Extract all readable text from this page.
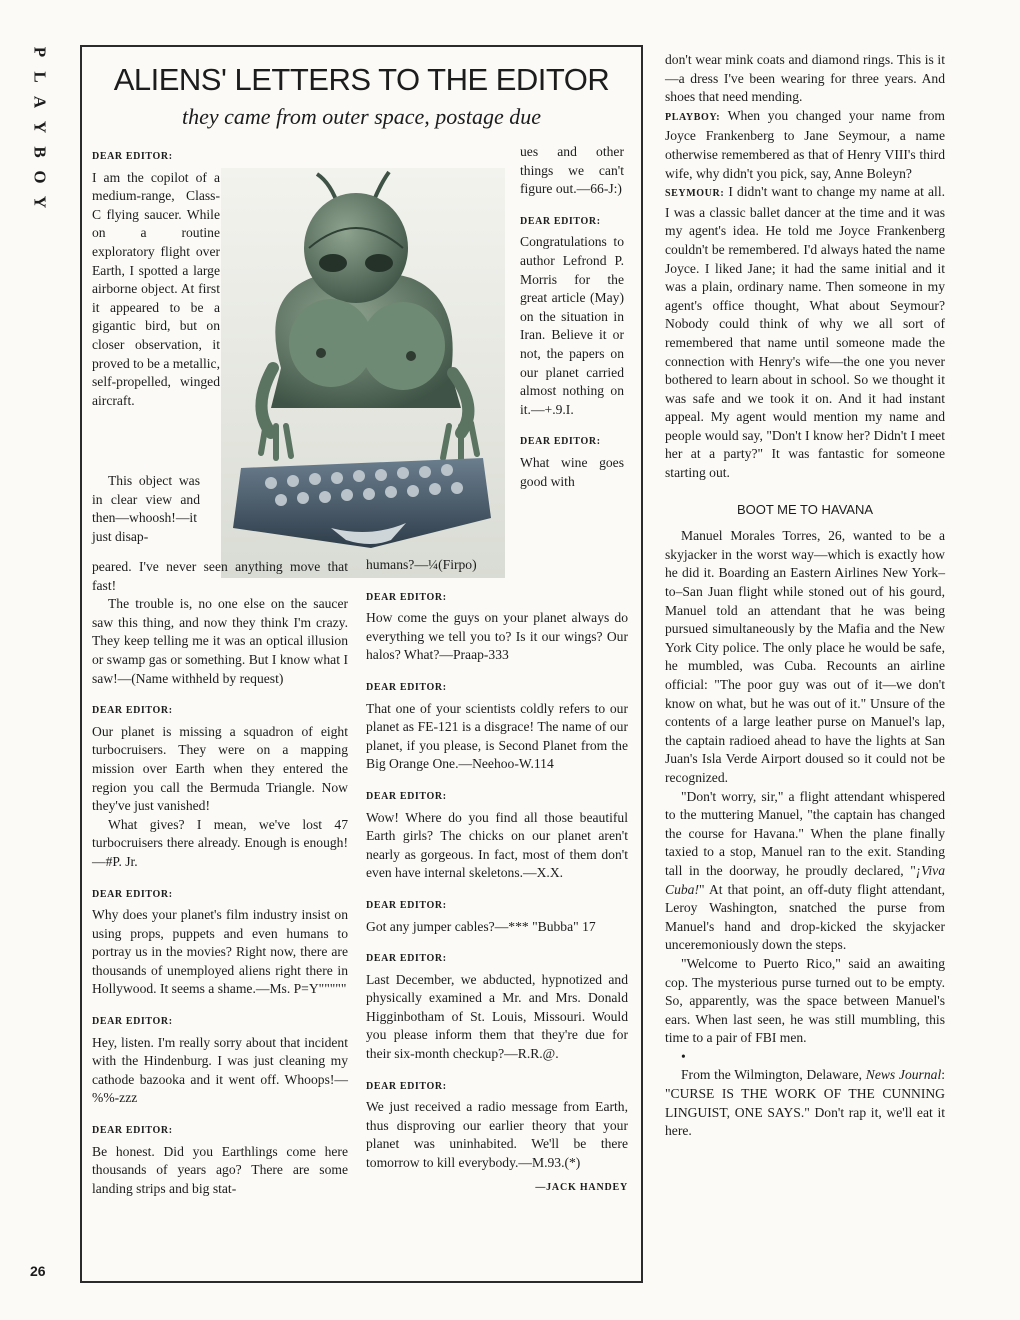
P
L
A
Y
B
O
Y
26
ALIENS' LETTERS TO THE EDITOR
they came from outer space, postage due
DEAR EDITOR:

I am the copilot of a medium-range, Class-C flying saucer. While on a routine exploratory flight over Earth, I spotted a large airborne object. At first it appeared to be a gigantic bird, but on closer observation, it proved to be a metallic, self-propelled, winged aircraft.

This object was in clear view and then—whoosh!—it just disap-

peared. I've never seen anything move that fast!

The trouble is, no one else on the saucer saw this thing, and now they think I'm crazy. They keep telling me it was an optical illusion or swamp gas or something. But I know what I saw!—(Name withheld by request)

DEAR EDITOR:

Our planet is missing a squadron of eight turbocruisers. They were on a mapping mission over Earth when they entered the region you call the Bermuda Triangle. Now they've just vanished!

What gives? I mean, we've lost 47 turbocruisers there already. Enough is enough!—#P. Jr.

DEAR EDITOR:

Why does your planet's film industry insist on using props, puppets and even humans to portray us in the movies? Right now, there are thousands of unemployed aliens right there in Hollywood. It seems a shame.—Ms. P=Y"""""

DEAR EDITOR:

Hey, listen. I'm really sorry about that incident with the Hindenburg. I was just cleaning my cathode bazooka and it went off. Whoops!—%%-zzz

DEAR EDITOR:

Be honest. Did you Earthlings come here thousands of years ago? There are some landing strips and big stat-

ues and other things we can't figure out.—66-J:)

DEAR EDITOR:

Congratulations to author Lefrond P. Morris for the great article (May) on the situation in Iran. Believe it or not, the papers on our planet carried almost nothing on it.—+.9.I.

DEAR EDITOR:

What wine goes good with

humans?—¼(Firpo)

DEAR EDITOR:

How come the guys on your planet always do everything we tell you to? Is it our wings? Our halos? What?—Praap-333

DEAR EDITOR:

That one of your scientists coldly refers to our planet as FE-121 is a disgrace! The name of our planet, if you please, is Second Planet from the Big Orange One.—Neehoo-W.114

DEAR EDITOR:

Wow! Where do you find all those beautiful Earth girls? The chicks on our planet aren't nearly as gorgeous. In fact, most of them don't even have internal skeletons.—X.X.

DEAR EDITOR:

Got any jumper cables?—*** "Bubba" 17

DEAR EDITOR:

Last December, we abducted, hypnotized and physically examined a Mr. and Mrs. Donald Higginbotham of St. Louis, Missouri. Would you please inform them that they're due for their six-month checkup?—R.R.@.

DEAR EDITOR:

We just received a radio message from Earth, thus disproving our earlier theory that your planet was uninhabited. We'll be there tomorrow to kill everybody.—M.93.(*)

—JACK HANDEY

don't wear mink coats and diamond rings. This is it—a dress I've been wearing for three years. And shoes that need mending.

PLAYBOY: When you changed your name from Joyce Frankenberg to Jane Seymour, a name otherwise remembered as that of Henry VIII's third wife, why didn't you pick, say, Anne Boleyn?

SEYMOUR: I didn't want to change my name at all. I was a classic ballet dancer at the time and it was my agent's idea. He told me Joyce Frankenberg couldn't be remembered. I'd always hated the name Joyce. I liked Jane; it had the same initial and it was a plain, ordinary name. Then someone in my agent's office thought, What about Seymour? Nobody could think of why we all sort of remembered that name until someone made the connection with Henry's wife—the one you never bothered to learn about in school. So we thought it was safe and we took it on. And it had instant appeal. My agent would mention my name and people would say, "Don't I know her? Didn't I meet her at a party?" It was fantastic for someone starting out.

BOOT ME TO HAVANA

Manuel Morales Torres, 26, wanted to be a skyjacker in the worst way—which is exactly how he did it. Boarding an Eastern Airlines New York–to–San Juan flight while stoned out of his gourd, Manuel told an attendant that he was being pursued simultaneously by the Mafia and the New York City police. The only place he would be safe, he mumbled, was Cuba. Recounts an airline official: "The poor guy was out of it—we don't know on what, but he was out of it." Unsure of the contents of a large leather purse on Manuel's lap, the captain radioed ahead to have the lights at San Juan's Isla Verde Airport doused so it could not be recognized.

"Don't worry, sir," a flight attendant whispered to the muttering Manuel, "the captain has changed the course for Havana." When the plane finally taxied to a stop, Manuel ran to the exit. Standing tall in the doorway, he proudly declared, "¡Viva Cuba!" At that point, an off-duty flight attendant, Leroy Washington, snatched the purse from Manuel's hand and drop-kicked the skyjacker unceremoniously down the steps.

"Welcome to Puerto Rico," said an awaiting cop. The mysterious purse turned out to be empty. So, apparently, was the space between Manuel's ears. When last seen, he was still mumbling, this time to a pair of FBI men.

•

From the Wilmington, Delaware, News Journal: "CURSE IS THE WORK OF THE CUNNING LINGUIST, ONE SAYS." Don't rap it, we'll eat it here.
